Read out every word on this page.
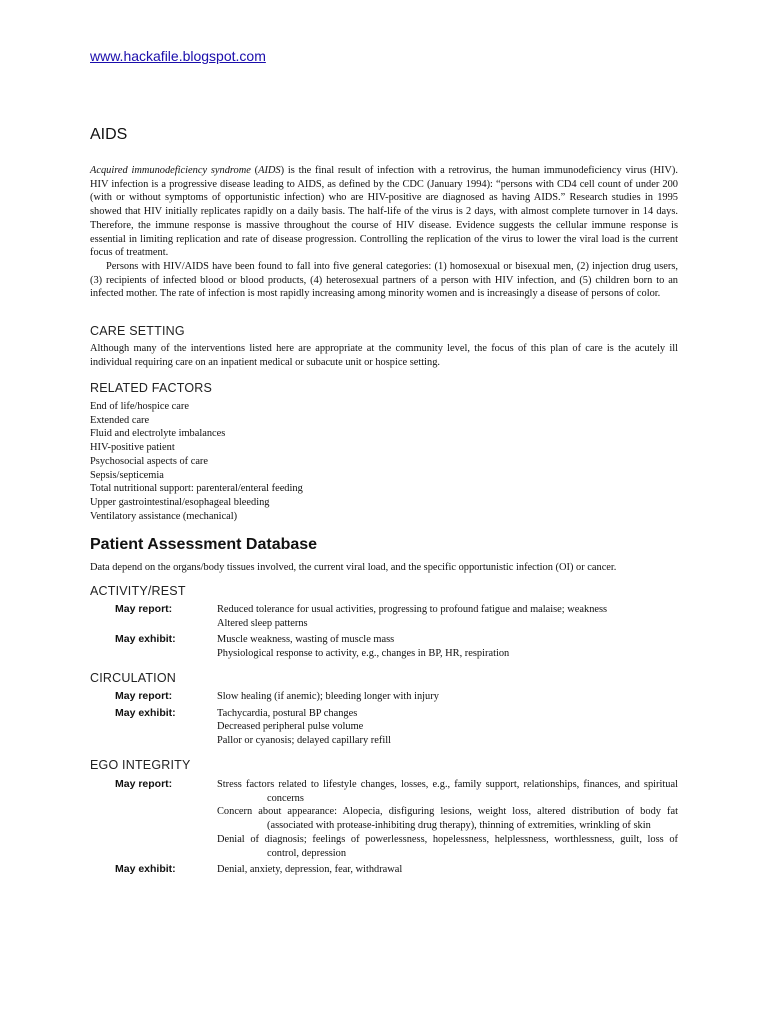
www.hackafile.blogspot.com
AIDS

Acquired immunodeficiency syndrome (AIDS) is the final result of infection with a retrovirus, the human immunodeficiency virus (HIV). HIV infection is a progressive disease leading to AIDS, as defined by the CDC (January 1994): “persons with CD4 cell count of under 200 (with or without symptoms of opportunistic infection) who are HIV-positive are diagnosed as having AIDS.” Research studies in 1995 showed that HIV initially replicates rapidly on a daily basis. The half-life of the virus is 2 days, with almost complete turnover in 14 days. Therefore, the immune response is massive throughout the course of HIV disease. Evidence suggests the cellular immune response is essential in limiting replication and rate of disease progression. Controlling the replication of the virus to lower the viral load is the current focus of treatment.

Persons with HIV/AIDS have been found to fall into five general categories: (1) homosexual or bisexual men, (2) injection drug users, (3) recipients of infected blood or blood products, (4) heterosexual partners of a person with HIV infection, and (5) children born to an infected mother. The rate of infection is most rapidly increasing among minority women and is increasingly a disease of persons of color.

CARE SETTING

Although many of the interventions listed here are appropriate at the community level, the focus of this plan of care is the acutely ill individual requiring care on an inpatient medical or subacute unit or hospice setting.

RELATED FACTORS
End of life/hospice care
Extended care
Fluid and electrolyte imbalances
HIV-positive patient
Psychosocial aspects of care
Sepsis/septicemia
Total nutritional support: parenteral/enteral feeding
Upper gastrointestinal/esophageal bleeding
Ventilatory assistance (mechanical)
Patient Assessment Database

Data depend on the organs/body tissues involved, the current viral load, and the specific opportunistic infection (OI) or cancer.

ACTIVITY/REST
May report:	Reduced tolerance for usual activities, progressing to profound fatigue and malaise; weakness
Altered sleep patterns
May exhibit:	Muscle weakness, wasting of muscle mass
Physiological response to activity, e.g., changes in BP, HR, respiration
CIRCULATION
May report:	Slow healing (if anemic); bleeding longer with injury
May exhibit:	Tachycardia, postural BP changes
Decreased peripheral pulse volume
Pallor or cyanosis; delayed capillary refill
EGO INTEGRITY
May report:	Stress factors related to lifestyle changes, losses, e.g., family support, relationships, finances, and spiritual concerns
Concern about appearance: Alopecia, disfiguring lesions, weight loss, altered distribution of body fat (associated with protease-inhibiting drug therapy), thinning of extremities, wrinkling of skin
Denial of diagnosis; feelings of powerlessness, hopelessness, helplessness, worthlessness, guilt, loss of control, depression
May exhibit:	Denial, anxiety, depression, fear, withdrawal
